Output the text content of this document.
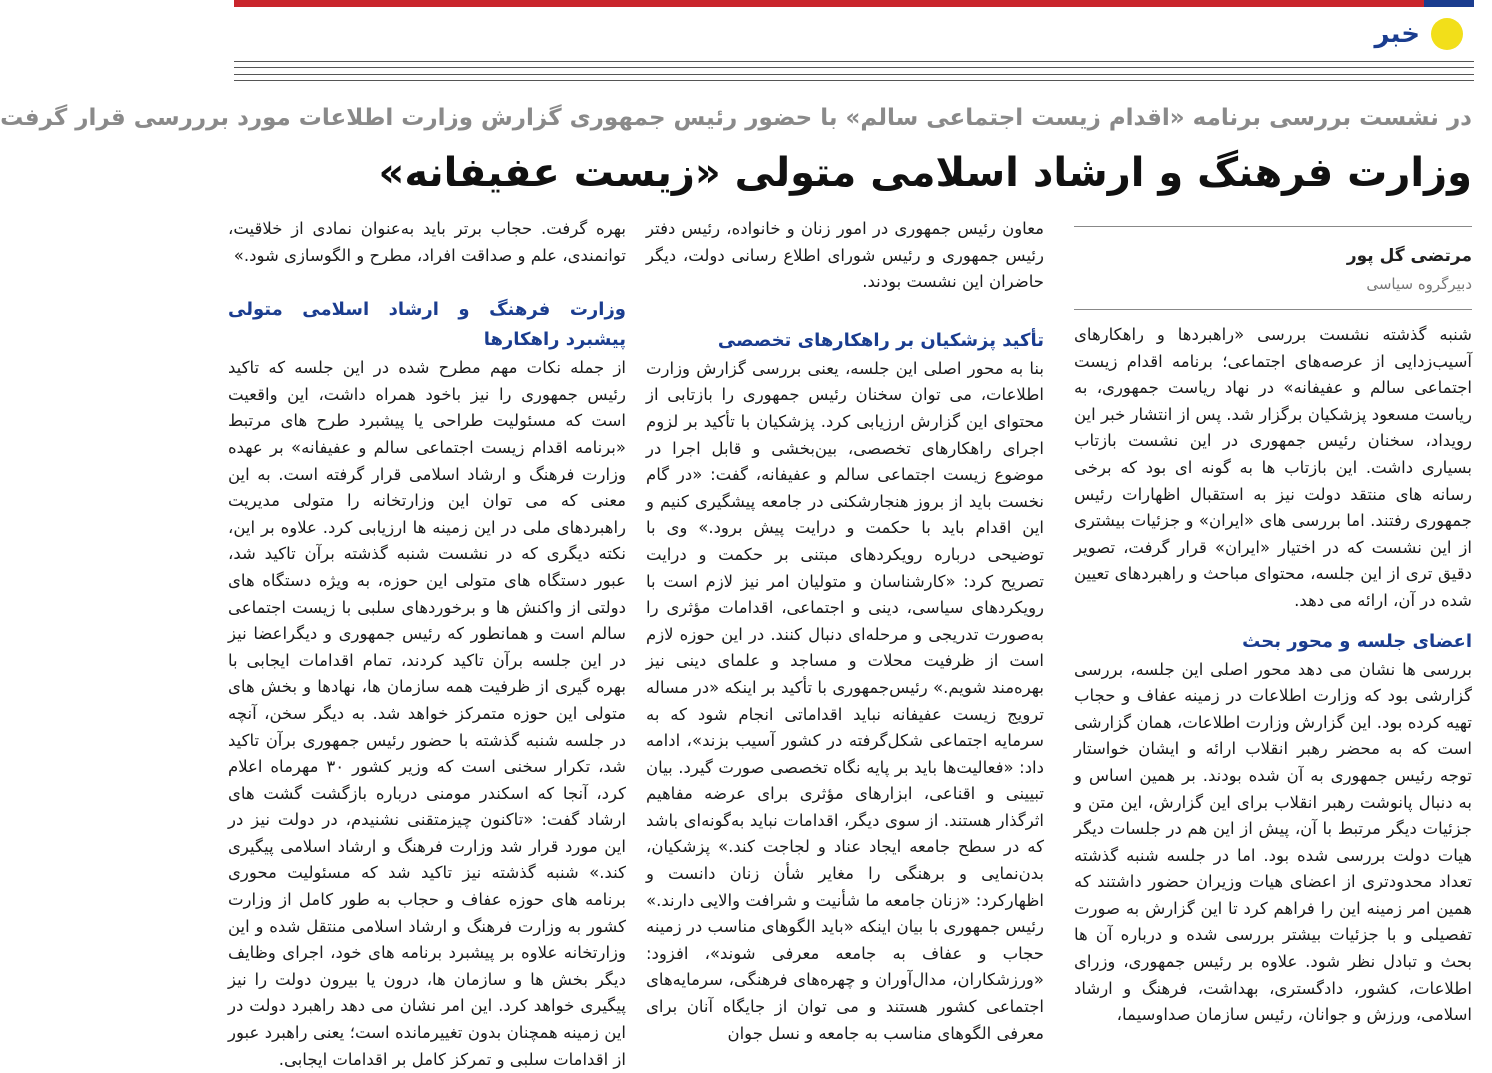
خبر
در نشست بررسی برنامه «اقدام زیست اجتماعی سالم» با حضور رئیس جمهوری گزارش وزارت اطلاعات مورد برررسی قرار گرفت
وزارت فرهنگ و ارشاد اسلامی متولی «زیست عفیفانه»
مرتضی گل پور
دبیرگروه سیاسی

شنبه گذشته نشست بررسی «راهبردها و راهکارهای آسیب‌زدایی از عرصه‌های اجتماعی؛ برنامه اقدام زیست اجتماعی سالم و عفیفانه» در نهاد ریاست جمهوری، به ریاست مسعود پزشکیان برگزار شد. پس از انتشار خبر این رویداد، سخنان رئیس جمهوری در این نشست بازتاب بسیاری داشت. این بازتاب ها به گونه ای بود که برخی رسانه های منتقد دولت نیز به استقبال اظهارات رئیس جمهوری رفتند. اما بررسی های «ایران» و جزئیات بیشتری از این نشست که در اختیار «ایران» قرار گرفت، تصویر دقیق تری از این جلسه، محتوای مباحث و راهبردهای تعیین شده در آن، ارائه می دهد.

اعضای جلسه و محور بحث

بررسی ها نشان می دهد محور اصلی این جلسه، بررسی گزارشی بود که وزارت اطلاعات در زمینه عفاف و حجاب تهیه کرده بود. این گزارش وزارت اطلاعات، همان گزارشی است که به محضر رهبر انقلاب ارائه و ایشان خواستار توجه رئیس جمهوری به آن شده بودند. بر همین اساس و به دنبال پانوشت رهبر انقلاب برای این گزارش، این متن و جزئیات دیگر مرتبط با آن، پیش از این هم در جلسات دیگر هیات دولت بررسی شده بود. اما در جلسه شنبه گذشته تعداد محدودتری از اعضای هیات وزیران حضور داشتند که همین امر زمینه این را فراهم کرد تا این گزارش به صورت تفصیلی و با جزئیات بیشتر بررسی شده و درباره آن ها بحث و تبادل نظر شود. علاوه بر رئیس جمهوری، وزرای اطلاعات، کشور، دادگستری، بهداشت، فرهنگ و ارشاد اسلامی، ورزش و جوانان، رئیس سازمان صداوسیما،

معاون رئیس جمهوری در امور زنان و خانواده، رئیس دفتر رئیس جمهوری و رئیس شورای اطلاع رسانی دولت، دیگر حاضران این نشست بودند.

تأکید پزشکیان بر راهکارهای تخصصی

بنا به محور اصلی این جلسه، یعنی بررسی گزارش وزارت اطلاعات، می توان سخنان رئیس جمهوری را بازتابی از محتوای این گزارش ارزیابی کرد. پزشکیان با تأکید بر لزوم اجرای راهکارهای تخصصی، بین‌بخشی و قابل اجرا در موضوع زیست اجتماعی سالم و عفیفانه، گفت: «در گام نخست باید از بروز هنجارشکنی در جامعه پیشگیری کنیم و این اقدام باید با حکمت و درایت پیش برود.» وی با توضیحی درباره رویکردهای مبتنی بر حکمت و درایت تصریح کرد: «کارشناسان و متولیان امر نیز لازم است با رویکردهای سیاسی، دینی و اجتماعی، اقدامات مؤثری را به‌صورت تدریجی و مرحله‌ای دنبال کنند. در این حوزه لازم است از ظرفیت محلات و مساجد و علمای دینی نیز بهره‌مند شویم.» رئیس‌جمهوری با تأکید بر اینکه «در مساله ترویج زیست عفیفانه نباید اقداماتی انجام شود که به سرمایه اجتماعی شکل‌گرفته در کشور آسیب بزند»، ادامه داد: «فعالیت‌ها باید بر پایه نگاه تخصصی صورت گیرد. بیان تبیینی و اقناعی، ابزارهای مؤثری برای عرضه مفاهیم اثرگذار هستند. از سوی دیگر، اقدامات نباید به‌گونه‌ای باشد که در سطح جامعه ایجاد عناد و لجاجت کند.» پزشکیان، بدن‌نمایی و برهنگی را مغایر شأن زنان دانست و اظهارکرد: «زنان جامعه ما شأنیت و شرافت والایی دارند.» رئیس جمهوری با بیان اینکه «باید الگوهای مناسب در زمینه حجاب و عفاف به جامعه معرفی شوند»، افزود: «ورزشکاران، مدال‌آوران و چهره‌های فرهنگی، سرمایه‌های اجتماعی کشور هستند و می توان از جایگاه آنان برای معرفی الگوهای مناسب به جامعه و نسل جوان

بهره گرفت. حجاب برتر باید به‌عنوان نمادی از خلاقیت، توانمندی، علم و صداقت افراد، مطرح و الگوسازی شود.»

وزارت فرهنگ و ارشاد اسلامی متولی پیشبرد راهکارها

از جمله نکات مهم مطرح شده در این جلسه که تاکید رئیس جمهوری را نیز باخود همراه داشت، این واقعیت است که مسئولیت طراحی یا پیشبرد طرح های مرتبط «برنامه اقدام زیست اجتماعی سالم و عفیفانه» بر عهده وزارت فرهنگ و ارشاد اسلامی قرار گرفته است. به این معنی که می توان این وزارتخانه را متولی مدیریت راهبردهای ملی در این زمینه ها ارزیابی کرد. علاوه بر این، نکته دیگری که در نشست شنبه گذشته برآن تاکید شد، عبور دستگاه های متولی این حوزه، به ویژه دستگاه های دولتی از واکنش ها و برخوردهای سلبی با زیست اجتماعی سالم است و همانطور که رئیس جمهوری و دیگراعضا نیز در این جلسه برآن تاکید کردند، تمام اقدامات ایجابی با بهره گیری از ظرفیت همه سازمان ها، نهادها و بخش های متولی این حوزه متمرکز خواهد شد. به دیگر سخن، آنچه در جلسه شنبه گذشته با حضور رئیس جمهوری برآن تاکید شد، تکرار سخنی است که وزیر کشور ۳۰ مهرماه اعلام کرد، آنجا که اسکندر مومنی درباره بازگشت گشت های ارشاد گفت: «تاکنون چیزمتقنی نشنیدم، در دولت نیز در این مورد قرار شد وزارت فرهنگ و ارشاد اسلامی پیگیری کند.» شنبه گذشته نیز تاکید شد که مسئولیت محوری برنامه های حوزه عفاف و حجاب به طور کامل از وزارت کشور به وزارت فرهنگ و ارشاد اسلامی منتقل شده و این وزارتخانه علاوه بر پیشبرد برنامه های خود، اجرای وظایف دیگر بخش ها و سازمان ها، درون یا بیرون دولت را نیز پیگیری خواهد کرد. این امر نشان می دهد راهبرد دولت در این زمینه همچنان بدون تغییرمانده است؛ یعنی راهبرد عبور از اقدامات سلبی و تمرکز کامل بر اقدامات ایجابی.
